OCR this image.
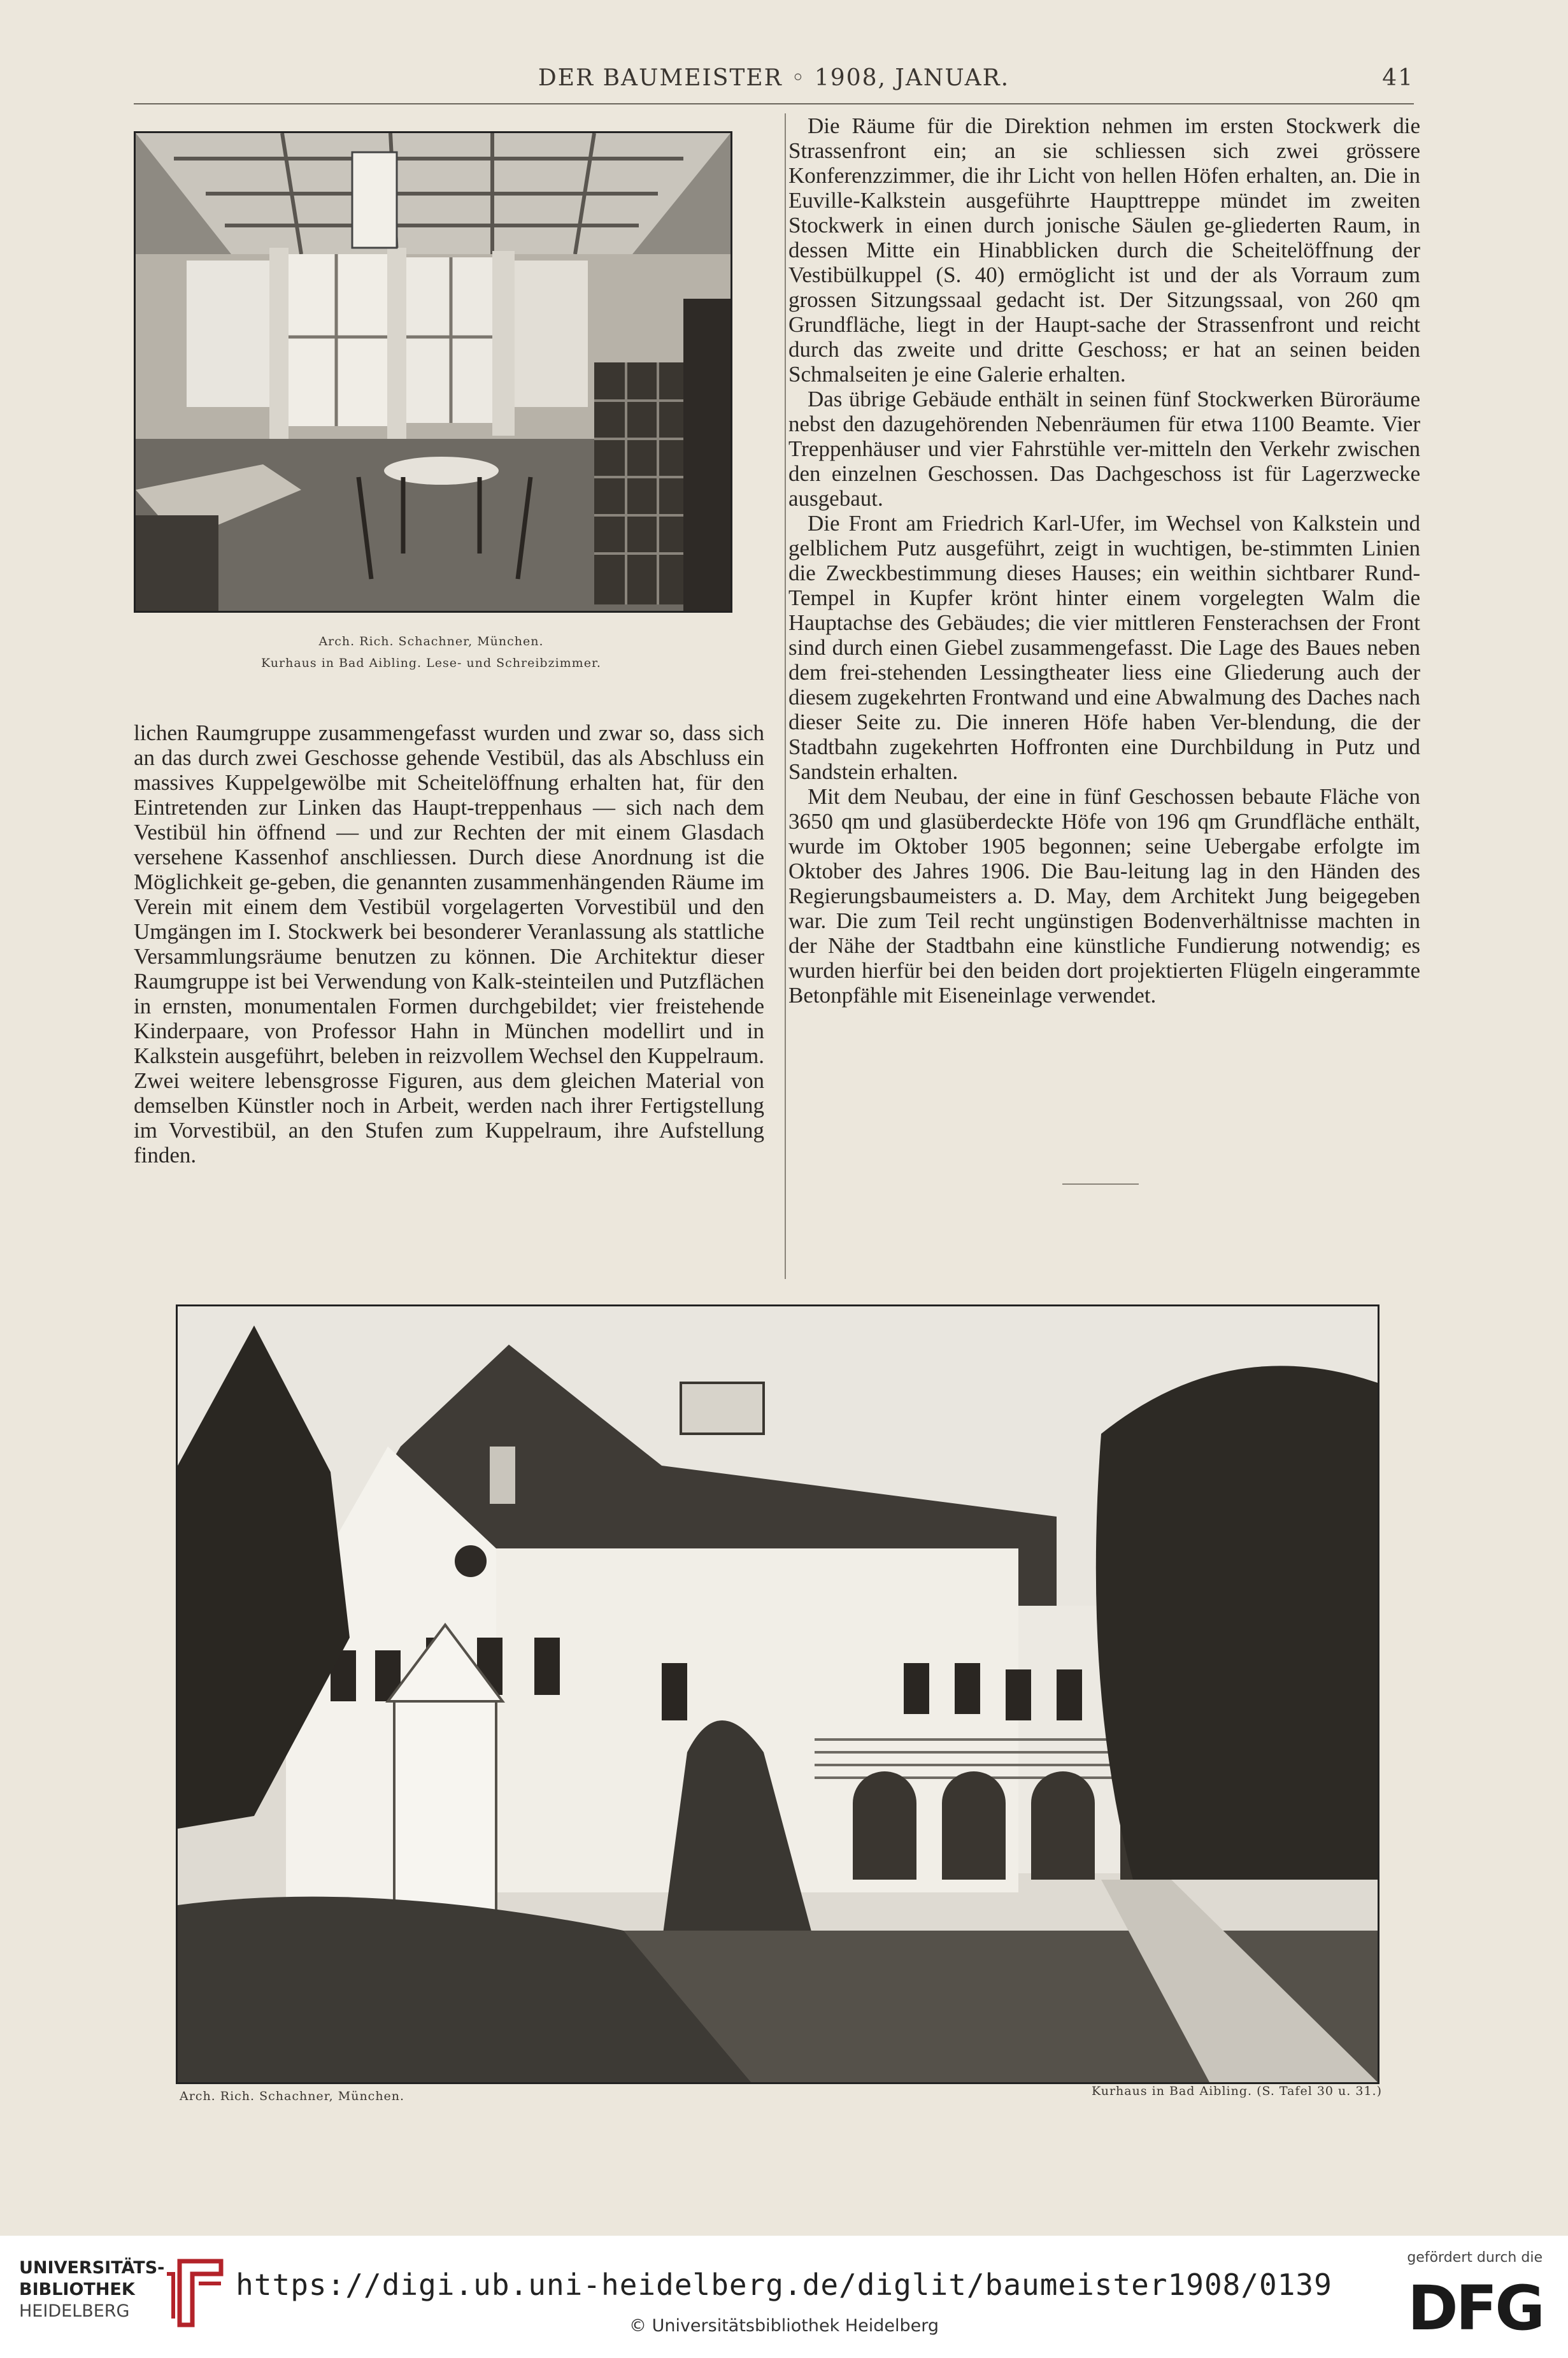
DER BAUMEISTER ◦ 1908, JANUAR.	41
Arch. Rich. Schachner, München.
Kurhaus in Bad Aibling. Lese- und Schreibzimmer.

lichen Raumgruppe zusammengefasst wurden und zwar so, dass sich an das durch zwei Geschosse gehende Vestibül, das als Abschluss ein massives Kuppelgewölbe mit Scheitelöffnung erhalten hat, für den Eintretenden zur Linken das Haupt-treppenhaus — sich nach dem Vestibül hin öffnend — und zur Rechten der mit einem Glasdach versehene Kassenhof anschliessen. Durch diese Anordnung ist die Möglichkeit ge-geben, die genannten zusammenhängenden Räume im Verein mit einem dem Vestibül vorgelagerten Vorvestibül und den Umgängen im I. Stockwerk bei besonderer Veranlassung als stattliche Versammlungsräume benutzen zu können. Die Architektur dieser Raumgruppe ist bei Verwendung von Kalk-steinteilen und Putzflächen in ernsten, monumentalen Formen durchgebildet; vier freistehende Kinderpaare, von Professor Hahn in München modellirt und in Kalkstein ausgeführt, beleben in reizvollem Wechsel den Kuppelraum. Zwei weitere lebensgrosse Figuren, aus dem gleichen Material von demselben Künstler noch in Arbeit, werden nach ihrer Fertigstellung im Vorvestibül, an den Stufen zum Kuppelraum, ihre Aufstellung finden.

Die Räume für die Direktion nehmen im ersten Stockwerk die Strassenfront ein; an sie schliessen sich zwei grössere Konferenzzimmer, die ihr Licht von hellen Höfen erhalten, an. Die in Euville-Kalkstein ausgeführte Haupttreppe mündet im zweiten Stockwerk in einen durch jonische Säulen ge-gliederten Raum, in dessen Mitte ein Hinabblicken durch die Scheitelöffnung der Vestibülkuppel (S. 40) ermöglicht ist und der als Vorraum zum grossen Sitzungssaal gedacht ist. Der Sitzungssaal, von 260 qm Grundfläche, liegt in der Haupt-sache der Strassenfront und reicht durch das zweite und dritte Geschoss; er hat an seinen beiden Schmalseiten je eine Galerie erhalten.

Das übrige Gebäude enthält in seinen fünf Stockwerken Büroräume nebst den dazugehörenden Nebenräumen für etwa 1100 Beamte. Vier Treppenhäuser und vier Fahrstühle ver-mitteln den Verkehr zwischen den einzelnen Geschossen. Das Dachgeschoss ist für Lagerzwecke ausgebaut.

Die Front am Friedrich Karl-Ufer, im Wechsel von Kalkstein und gelblichem Putz ausgeführt, zeigt in wuchtigen, be-stimmten Linien die Zweckbestimmung dieses Hauses; ein weithin sichtbarer Rund-Tempel in Kupfer krönt hinter einem vorgelegten Walm die Hauptachse des Gebäudes; die vier mittleren Fensterachsen der Front sind durch einen Giebel zusammengefasst. Die Lage des Baues neben dem frei-stehenden Lessingtheater liess eine Gliederung auch der diesem zugekehrten Frontwand und eine Abwalmung des Daches nach dieser Seite zu. Die inneren Höfe haben Ver-blendung, die der Stadtbahn zugekehrten Hoffronten eine Durchbildung in Putz und Sandstein erhalten.

Mit dem Neubau, der eine in fünf Geschossen bebaute Fläche von 3650 qm und glasüberdeckte Höfe von 196 qm Grundfläche enthält, wurde im Oktober 1905 begonnen; seine Uebergabe erfolgte im Oktober des Jahres 1906. Die Bau-leitung lag in den Händen des Regierungsbaumeisters a. D. May, dem Architekt Jung beigegeben war. Die zum Teil recht ungünstigen Bodenverhältnisse machten in der Nähe der Stadtbahn eine künstliche Fundierung notwendig; es wurden hierfür bei den beiden dort projektierten Flügeln eingerammte Betonpfähle mit Eiseneinlage verwendet.

Arch. Rich. Schachner, München.	Kurhaus in Bad Aibling. (S. Tafel 30 u. 31.)
UNIVERSITÄTS-
BIBLIOTHEK
HEIDELBERG
https://digi.ub.uni-heidelberg.de/diglit/baumeister1908/0139
© Universitätsbibliothek Heidelberg
gefördert durch die
DFG
